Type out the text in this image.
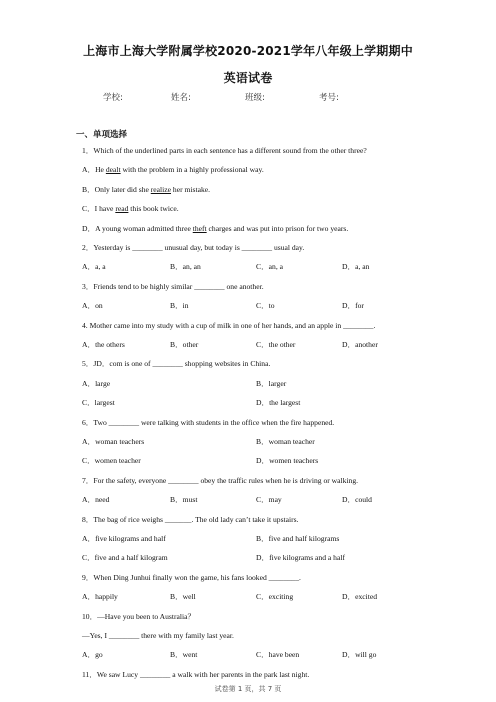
上海市上海大学附属学校2020-2021学年八年级上学期期中
英语试卷
学校:	姓名:	班级:	考号:
一、单项选择
1．Which of the underlined parts in each sentence has a different sound from the other three?
A．He dealt with the problem in a highly professional way.
B．Only later did she realize her mistake.
C．I have read this book twice.
D．A young woman admitted three theft charges and was put into prison for two years.
2．Yesterday is ________ unusual day, but today is ________ usual day.
A．a, a	B．an, an	C．an, a	D．a, an
3．Friends tend to be highly similar ________ one another.
A．on	B．in	C．to	D．for
4. Mother came into my study with a cup of milk in one of her hands, and an apple in ________.
A．the others	B．other	C．the other	D．another
5．JD．com is one of ________ shopping websites in China.
A．large	B．larger
C．largest	D．the largest
6．Two ________ were talking with students in the office when the fire happened.
A．woman teachers	B．woman teacher
C．women teacher	D．women teachers
7．For the safety, everyone ________ obey the traffic rules when he is driving or walking.
A．need	B．must	C．may	D．could
8．The bag of rice weighs _______. The old lady can’t take it upstairs.
A．five kilograms and half	B．five and half kilograms
C．five and a half kilogram	D．five kilograms and a half
9．When Ding Junhui finally won the game, his fans looked ________.
A．happily	B．well	C．exciting	D．excited
10．—Have you been to Australia？
—Yes, I ________ there with my family last year.
A．go	B．went	C．have been	D．will go
11．We saw Lucy ________ a walk with her parents in the park last night.
试卷第 1 页，共 7 页
